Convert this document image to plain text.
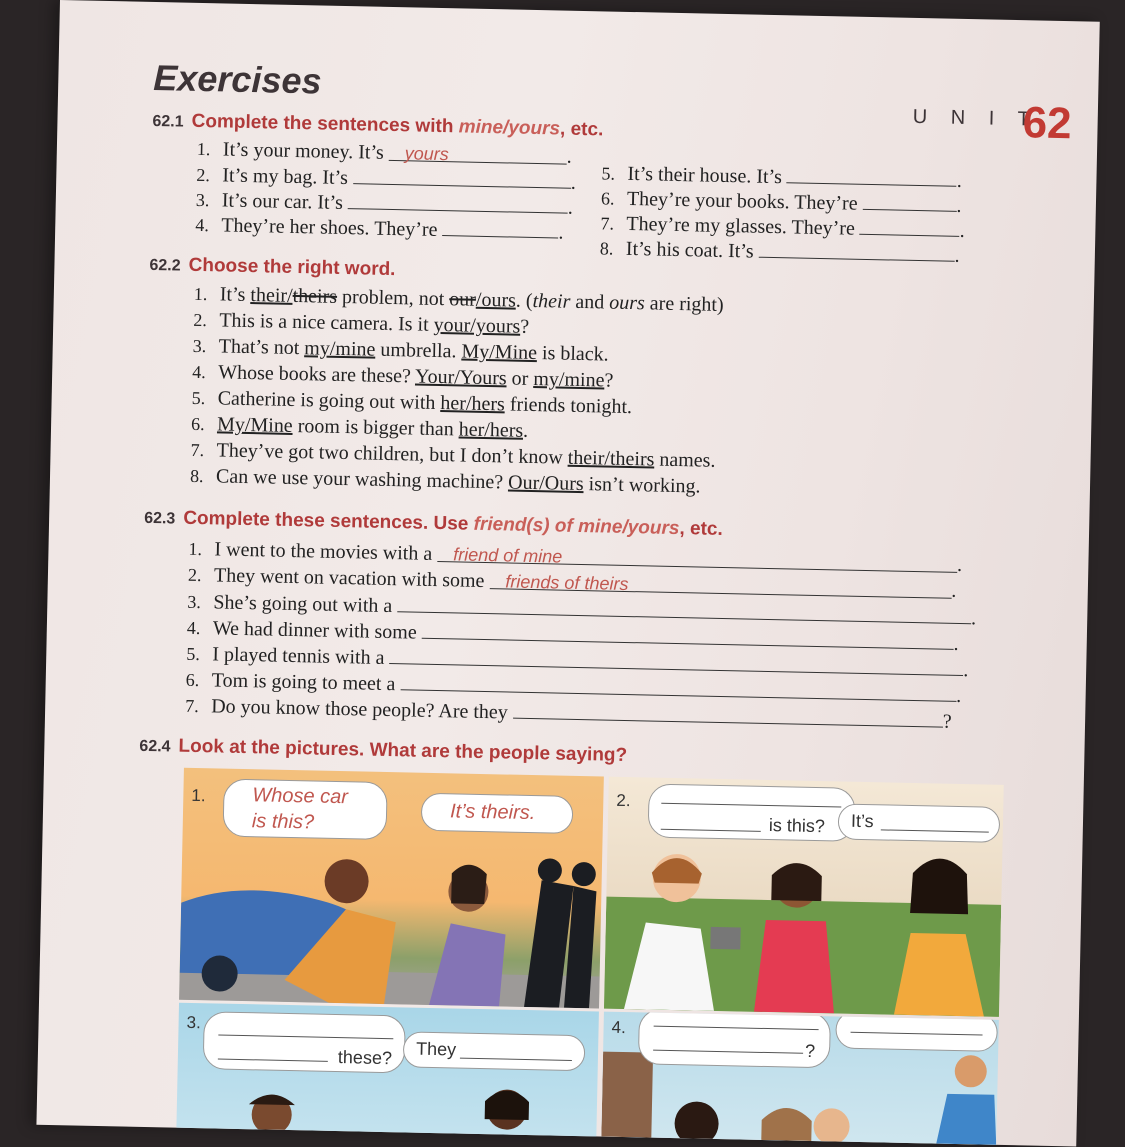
Exercises
U N I T
62
62.1 Complete the sentences with mine/yours, etc.
1. It’s your money. It’s yours	.
2. It’s my bag. It’s	.
3. It’s our car. It’s	.
4. They’re her shoes. They’re	.
5. It’s their house. It’s	.
6. They’re your books. They’re	.
7. They’re my glasses. They’re	.
8. It’s his coat. It’s	.
62.2 Choose the right word.
1. It’s their/theirs problem, not our/ours. (their and ours are right)
2. This is a nice camera. Is it your/yours?
3. That’s not my/mine umbrella. My/Mine is black.
4. Whose books are these? Your/Yours or my/mine?
5. Catherine is going out with her/hers friends tonight.
6. My/Mine room is bigger than her/hers.
7. They’ve got two children, but I don’t know their/theirs names.
8. Can we use your washing machine? Our/Ours isn’t working.
62.3 Complete these sentences. Use friend(s) of mine/yours, etc.
1. I went to the movies with a friend of mine	.
2. They went on vacation with some friends of theirs	.
3. She’s going out with a .
4. We had dinner with some .
5. I played tennis with a .
6. Tom is going to meet a .
7. Do you know those people? Are they	?
62.4 Look at the pictures. What are the people saying?
1. Whose car
is this?	It’s theirs.	2.
is this? It’s
3.
these? They
4.
?
